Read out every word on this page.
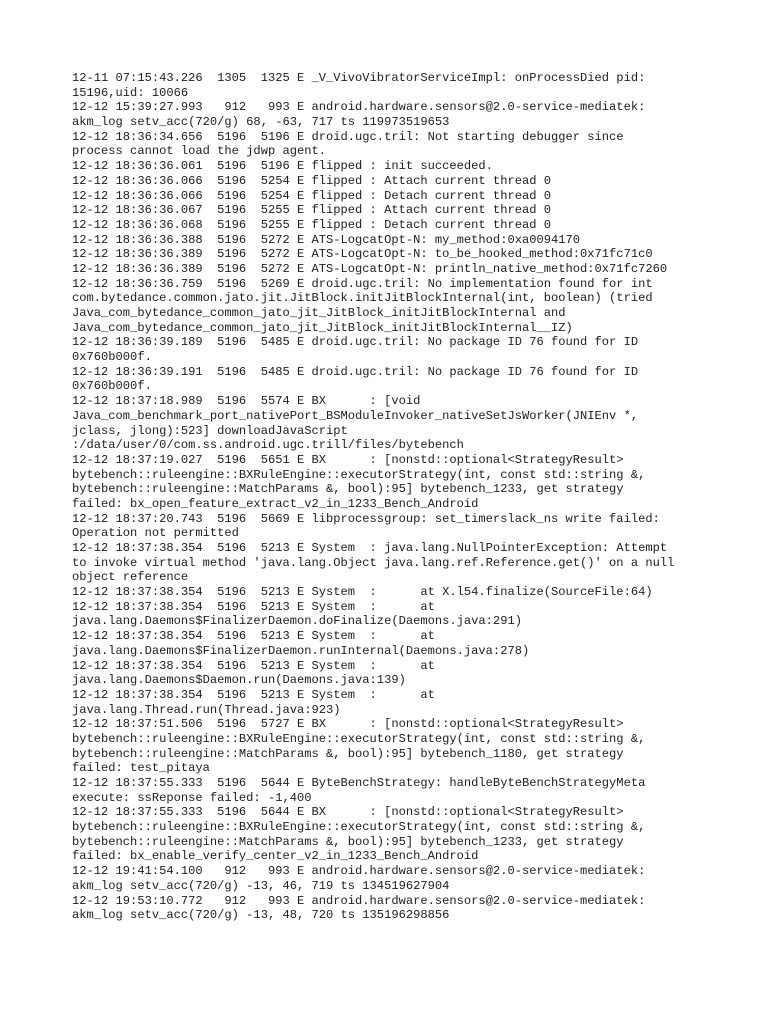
12-11 07:15:43.226  1305  1325 E _V_VivoVibratorServiceImpl: onProcessDied pid:
15196,uid: 10066
12-12 15:39:27.993   912   993 E android.hardware.sensors@2.0-service-mediatek:
akm_log setv_acc(720/g) 68, -63, 717 ts 119973519653
12-12 18:36:34.656  5196  5196 E droid.ugc.tril: Not starting debugger since
process cannot load the jdwp agent.
12-12 18:36:36.061  5196  5196 E flipped : init succeeded.
12-12 18:36:36.066  5196  5254 E flipped : Attach current thread 0
12-12 18:36:36.066  5196  5254 E flipped : Detach current thread 0
12-12 18:36:36.067  5196  5255 E flipped : Attach current thread 0
12-12 18:36:36.068  5196  5255 E flipped : Detach current thread 0
12-12 18:36:36.388  5196  5272 E ATS-LogcatOpt-N: my_method:0xa0094170
12-12 18:36:36.389  5196  5272 E ATS-LogcatOpt-N: to_be_hooked_method:0x71fc71c0
12-12 18:36:36.389  5196  5272 E ATS-LogcatOpt-N: println_native_method:0x71fc7260
12-12 18:36:36.759  5196  5269 E droid.ugc.tril: No implementation found for int
com.bytedance.common.jato.jit.JitBlock.initJitBlockInternal(int, boolean) (tried
Java_com_bytedance_common_jato_jit_JitBlock_initJitBlockInternal and
Java_com_bytedance_common_jato_jit_JitBlock_initJitBlockInternal__IZ)
12-12 18:36:39.189  5196  5485 E droid.ugc.tril: No package ID 76 found for ID
0x760b000f.
12-12 18:36:39.191  5196  5485 E droid.ugc.tril: No package ID 76 found for ID
0x760b000f.
12-12 18:37:18.989  5196  5574 E BX      : [void
Java_com_benchmark_port_nativePort_BSModuleInvoker_nativeSetJsWorker(JNIEnv *,
jclass, jlong):523] downloadJavaScript
:/data/user/0/com.ss.android.ugc.trill/files/bytebench
12-12 18:37:19.027  5196  5651 E BX      : [nonstd::optional<StrategyResult>
bytebench::ruleengine::BXRuleEngine::executorStrategy(int, const std::string &,
bytebench::ruleengine::MatchParams &, bool):95] bytebench_1233, get strategy
failed: bx_open_feature_extract_v2_in_1233_Bench_Android
12-12 18:37:20.743  5196  5669 E libprocessgroup: set_timerslack_ns write failed:
Operation not permitted
12-12 18:37:38.354  5196  5213 E System  : java.lang.NullPointerException: Attempt
to invoke virtual method 'java.lang.Object java.lang.ref.Reference.get()' on a null
object reference
12-12 18:37:38.354  5196  5213 E System  :      at X.l54.finalize(SourceFile:64)
12-12 18:37:38.354  5196  5213 E System  :      at
java.lang.Daemons$FinalizerDaemon.doFinalize(Daemons.java:291)
12-12 18:37:38.354  5196  5213 E System  :      at
java.lang.Daemons$FinalizerDaemon.runInternal(Daemons.java:278)
12-12 18:37:38.354  5196  5213 E System  :      at
java.lang.Daemons$Daemon.run(Daemons.java:139)
12-12 18:37:38.354  5196  5213 E System  :      at
java.lang.Thread.run(Thread.java:923)
12-12 18:37:51.506  5196  5727 E BX      : [nonstd::optional<StrategyResult>
bytebench::ruleengine::BXRuleEngine::executorStrategy(int, const std::string &,
bytebench::ruleengine::MatchParams &, bool):95] bytebench_1180, get strategy
failed: test_pitaya
12-12 18:37:55.333  5196  5644 E ByteBenchStrategy: handleByteBenchStrategyMeta
execute: ssReponse failed: -1,400
12-12 18:37:55.333  5196  5644 E BX      : [nonstd::optional<StrategyResult>
bytebench::ruleengine::BXRuleEngine::executorStrategy(int, const std::string &,
bytebench::ruleengine::MatchParams &, bool):95] bytebench_1233, get strategy
failed: bx_enable_verify_center_v2_in_1233_Bench_Android
12-12 19:41:54.100   912   993 E android.hardware.sensors@2.0-service-mediatek:
akm_log setv_acc(720/g) -13, 46, 719 ts 134519627904
12-12 19:53:10.772   912   993 E android.hardware.sensors@2.0-service-mediatek:
akm_log setv_acc(720/g) -13, 48, 720 ts 135196298856
